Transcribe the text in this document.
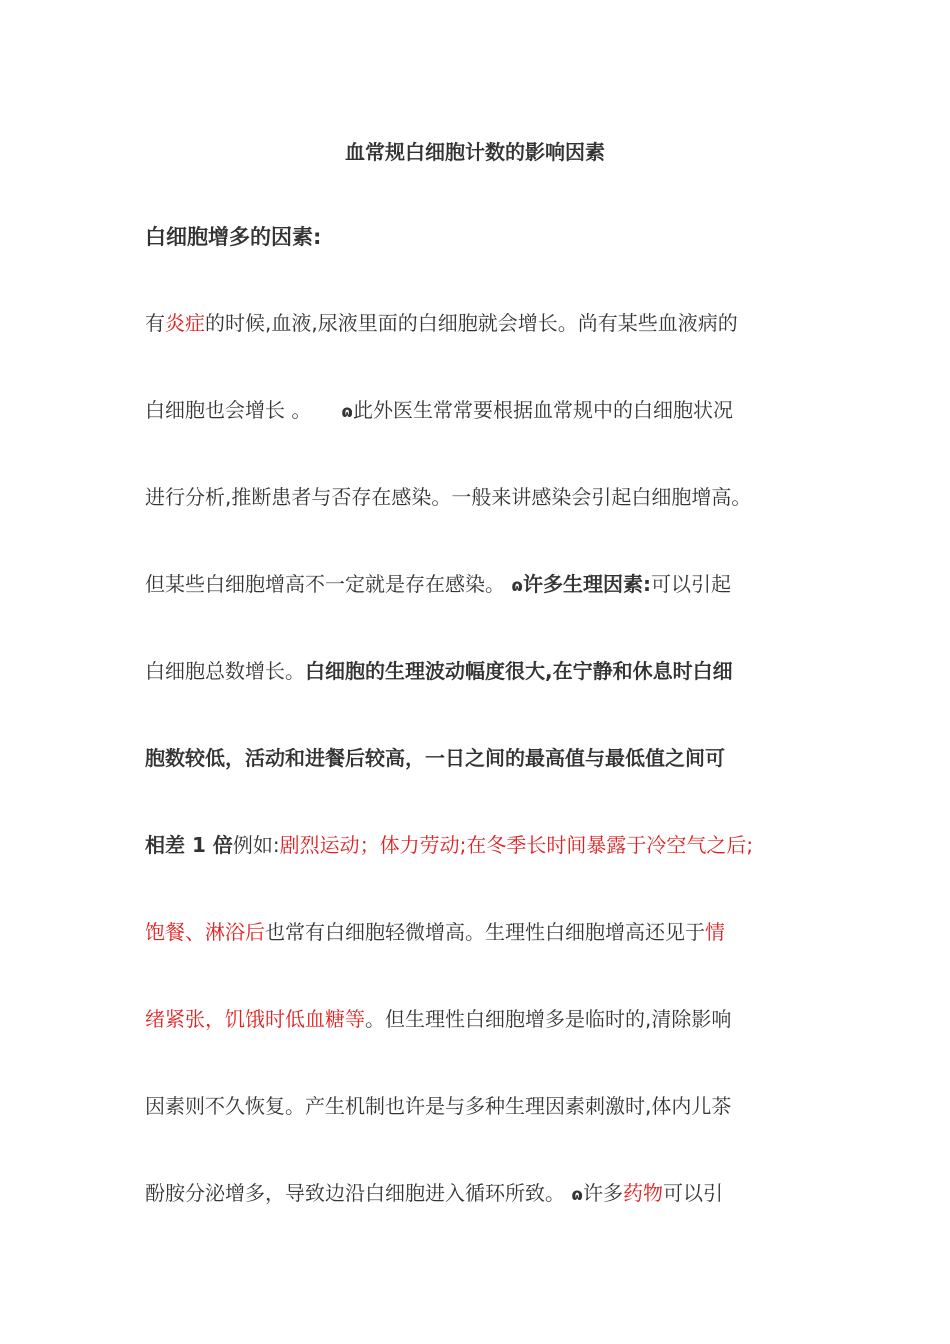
血常规白细胞计数的影响因素
白细胞增多的因素:
有炎症的时候,血液,尿液里面的白细胞就会增长。尚有某些血液病的
白细胞也会增长 。 ɷ此外医生常常要根据血常规中的白细胞状况
进行分析,推断患者与否存在感染。一般来讲感染会引起白细胞增高。
但某些白细胞增高不一定就是存在感染。 ɷ许多生理因素:可以引起
白细胞总数增长。白细胞的生理波动幅度很大,在宁静和休息时白细
胞数较低，活动和进餐后较高，一日之间的最高值与最低值之间可
相差 1 倍例如:剧烈运动；体力劳动;在冬季长时间暴露于冷空气之后;
饱餐、淋浴后也常有白细胞轻微增高。生理性白细胞增高还见于情
绪紧张，饥饿时低血糖等。但生理性白细胞增多是临时的,清除影响
因素则不久恢复。产生机制也许是与多种生理因素刺激时,体内儿茶
酚胺分泌增多，导致边沿白细胞进入循环所致。 ɷ许多药物可以引
